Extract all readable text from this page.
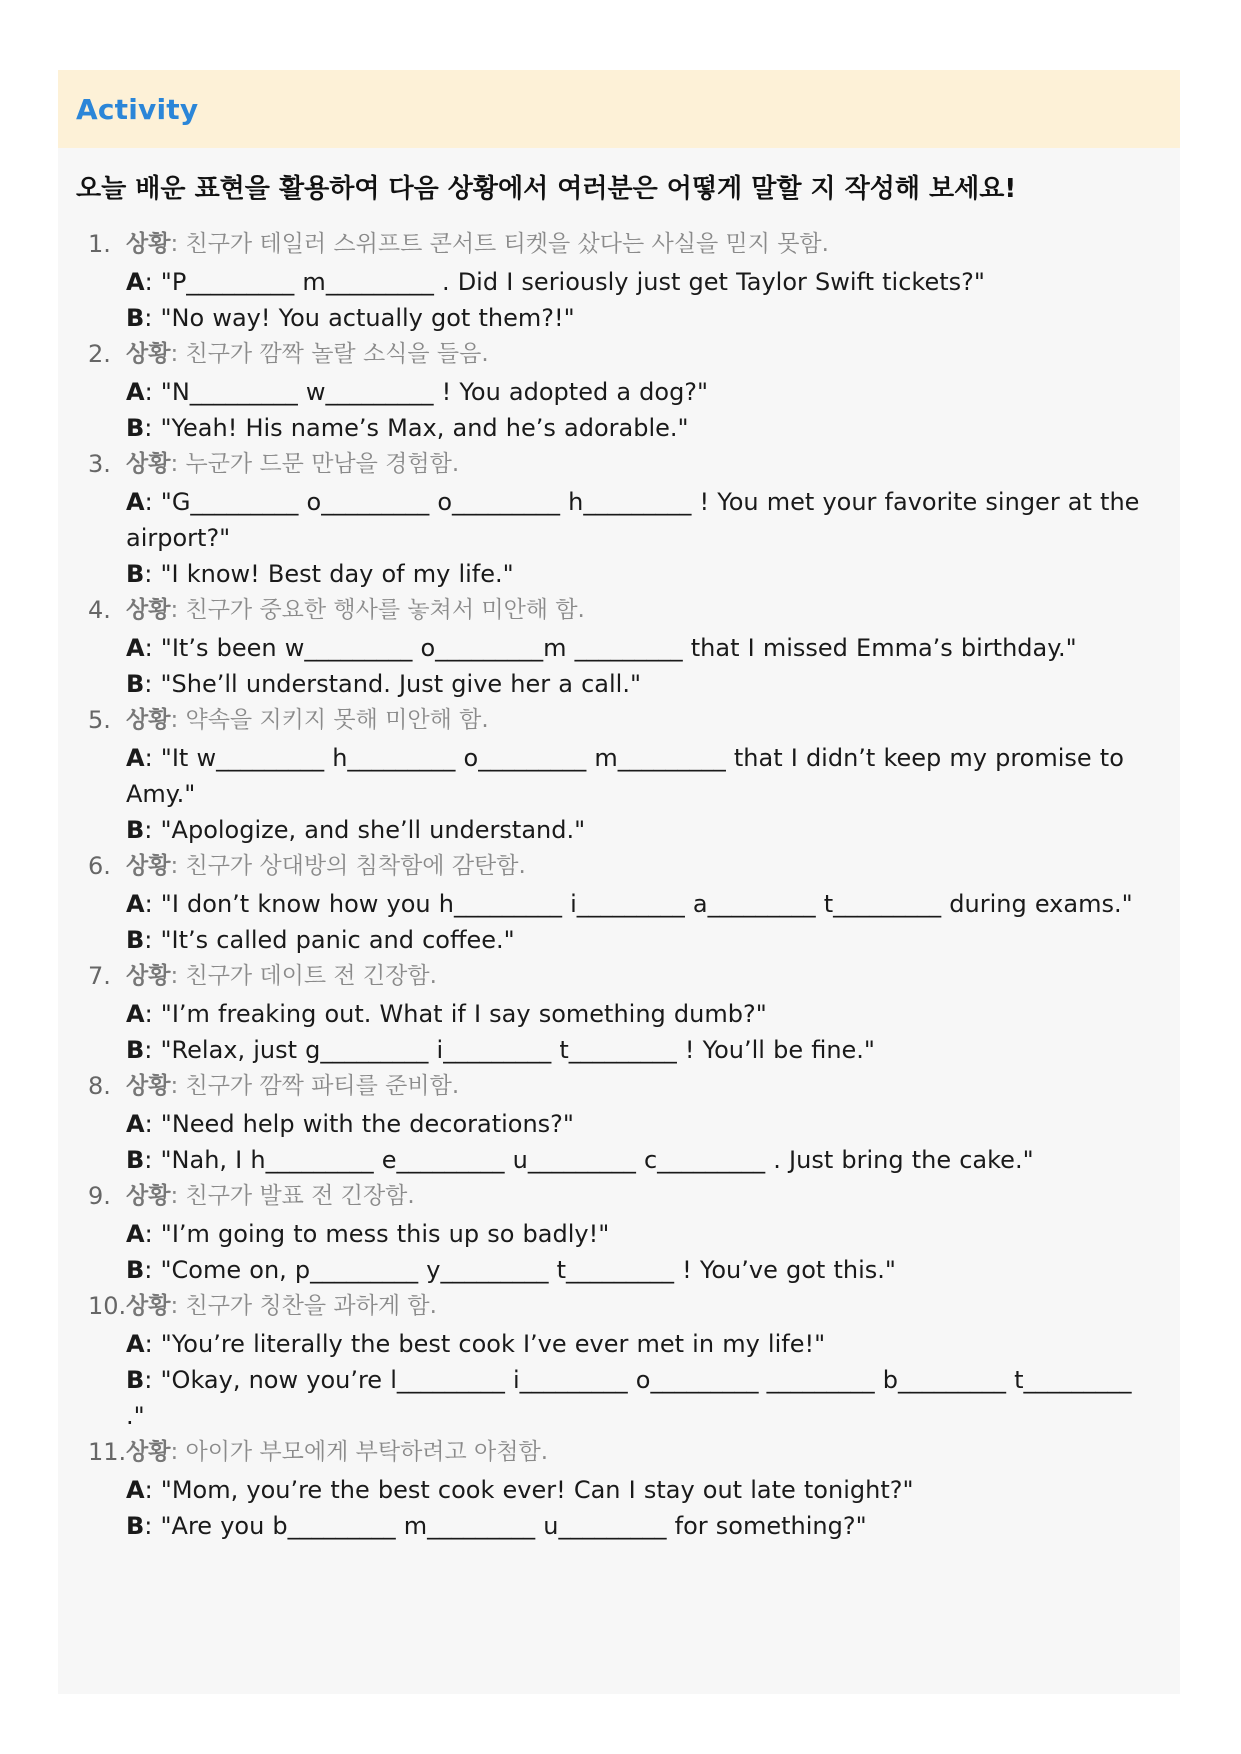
Activity
오늘 배운 표현을 활용하여 다음 상황에서 여러분은 어떻게 말할 지 작성해 보세요!
1. 상황: 친구가 테일러 스위프트 콘서트 티켓을 샀다는 사실을 믿지 못함.
A: "P_________ m_________ . Did I seriously just get Taylor Swift tickets?"
B: "No way! You actually got them?!"
2. 상황: 친구가 깜짝 놀랄 소식을 들음.
A: "N_________ w_________ ! You adopted a dog?"
B: "Yeah! His name’s Max, and he’s adorable."
3. 상황: 누군가 드문 만남을 경험함.
A: "G_________ o_________ o_________ h_________ ! You met your favorite singer at the airport?"
B: "I know! Best day of my life."
4. 상황: 친구가 중요한 행사를 놓쳐서 미안해 함.
A: "It’s been w_________ o_________m _________ that I missed Emma’s birthday."
B: "She’ll understand. Just give her a call."
5. 상황: 약속을 지키지 못해 미안해 함.
A: "It w_________ h_________ o_________ m_________ that I didn’t keep my promise to Amy."
B: "Apologize, and she’ll understand."
6. 상황: 친구가 상대방의 침착함에 감탄함.
A: "I don’t know how you h_________ i_________ a_________ t_________ during exams."
B: "It’s called panic and coffee."
7. 상황: 친구가 데이트 전 긴장함.
A: "I’m freaking out. What if I say something dumb?"
B: "Relax, just g_________ i_________ t_________ ! You’ll be fine."
8. 상황: 친구가 깜짝 파티를 준비함.
A: "Need help with the decorations?"
B: "Nah, I h_________ e_________ u_________ c_________ . Just bring the cake."
9. 상황: 친구가 발표 전 긴장함.
A: "I’m going to mess this up so badly!"
B: "Come on, p_________ y_________ t_________ ! You’ve got this."
10. 상황: 친구가 칭찬을 과하게 함.
A: "You’re literally the best cook I’ve ever met in my life!"
B: "Okay, now you’re l_________ i_________ o_________ _________ b_________ t_________ ."
11. 상황: 아이가 부모에게 부탁하려고 아첨함.
A: "Mom, you’re the best cook ever! Can I stay out late tonight?"
B: "Are you b_________ m_________ u_________ for something?"
